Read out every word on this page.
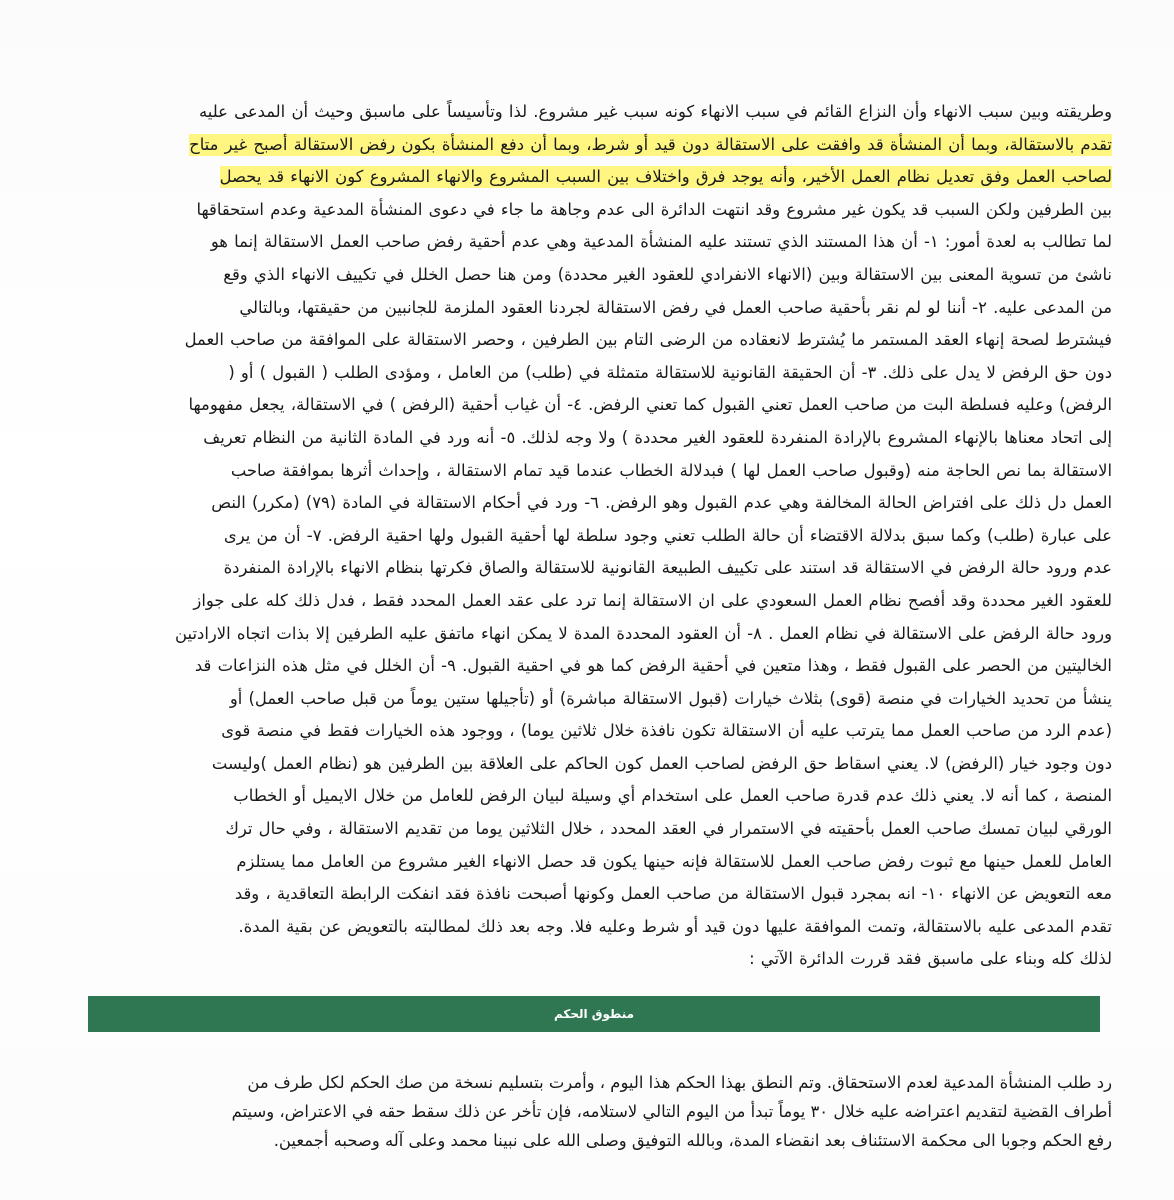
وطريقته وبين سبب الانهاء وأن النزاع القائم في سبب الانهاء كونه سبب غير مشروع. لذا وتأسيساً على ماسبق وحيث أن المدعى عليه
تقدم بالاستقالة، وبما أن المنشأة قد وافقت على الاستقالة دون قيد أو شرط، وبما أن دفع المنشأة بكون رفض الاستقالة أصبح غير متاح
لصاحب العمل وفق تعديل نظام العمل الأخير، وأنه يوجد فرق واختلاف بين السبب المشروع والانهاء المشروع كون الانهاء قد يحصل
بين الطرفين ولكن السبب قد يكون غير مشروع وقد انتهت الدائرة الى عدم وجاهة ما جاء في دعوى المنشأة المدعية وعدم استحقاقها
لما تطالب به لعدة أمور: ١- أن هذا المستند الذي تستند عليه المنشأة المدعية وهي عدم أحقية رفض صاحب العمل الاستقالة إنما هو
ناشئ من تسوية المعنى بين الاستقالة وبين (الانهاء الانفرادي للعقود الغير محددة) ومن هنا حصل الخلل في تكييف الانهاء الذي وقع
من المدعى عليه. ٢- أننا لو لم نقر بأحقية صاحب العمل في رفض الاستقالة لجردنا العقود الملزمة للجانبين من حقيقتها، وبالتالي
فيشترط لصحة إنهاء العقد المستمر ما يُشترط لانعقاده من الرضى التام بين الطرفين ، وحصر الاستقالة على الموافقة من صاحب العمل
دون حق الرفض لا يدل على ذلك. ٣- أن الحقيقة القانونية للاستقالة متمثلة في (طلب) من العامل ، ومؤدى الطلب ( القبول ) أو (
الرفض) وعليه فسلطة البت من صاحب العمل تعني القبول كما تعني الرفض. ٤- أن غياب أحقية (الرفض ) في الاستقالة، يجعل مفهومها
إلى اتحاد معناها بالإنهاء المشروع بالإرادة المنفردة للعقود الغير محددة ) ولا وجه لذلك. ٥- أنه ورد في المادة الثانية من النظام تعريف
الاستقالة بما نص الحاجة منه (وقبول صاحب العمل لها ) فبدلالة الخطاب عندما قيد تمام الاستقالة ، وإحداث أثرها بموافقة صاحب
العمل دل ذلك على افتراض الحالة المخالفة وهي عدم القبول وهو الرفض. ٦- ورد في أحكام الاستقالة في المادة (٧٩) (مكرر) النص
على عبارة (طلب) وكما سبق بدلالة الاقتضاء أن حالة الطلب تعني وجود سلطة لها أحقية القبول ولها احقية الرفض. ٧- أن من يرى
عدم ورود حالة الرفض في الاستقالة قد استند على تكييف الطبيعة القانونية للاستقالة والصاق فكرتها بنظام الانهاء بالإرادة المنفردة
للعقود الغير محددة وقد أفصح نظام العمل السعودي على ان الاستقالة إنما ترد على عقد العمل المحدد فقط ، فدل ذلك كله على جواز
ورود حالة الرفض على الاستقالة في نظام العمل . ٨- أن العقود المحددة المدة لا يمكن انهاء ماتفق عليه الطرفين إلا بذات اتجاه الارادتين
الخاليتين من الحصر على القبول فقط ، وهذا متعين في أحقية الرفض كما هو في احقية القبول. ٩- أن الخلل في مثل هذه النزاعات قد
ينشأ من تحديد الخيارات في منصة (قوى) بثلاث خيارات (قبول الاستقالة مباشرة) أو (تأجيلها ستين يوماً من قبل صاحب العمل) أو
(عدم الرد من صاحب العمل مما يترتب عليه أن الاستقالة تكون نافذة خلال ثلاثين يوما) ، ووجود هذه الخيارات فقط في منصة قوى
دون وجود خيار (الرفض) لا. يعني اسقاط حق الرفض لصاحب العمل كون الحاكم على العلاقة بين الطرفين هو (نظام العمل )وليست
المنصة ، كما أنه لا. يعني ذلك عدم قدرة صاحب العمل على استخدام أي وسيلة لبيان الرفض للعامل من خلال الايميل أو الخطاب
الورقي لبيان تمسك صاحب العمل بأحقيته في الاستمرار في العقد المحدد ، خلال الثلاثين يوما من تقديم الاستقالة ، وفي حال ترك
العامل للعمل حينها مع ثبوت رفض صاحب العمل للاستقالة فإنه حينها يكون قد حصل الانهاء الغير مشروع من العامل مما يستلزم
معه التعويض عن الانهاء ١٠- انه بمجرد قبول الاستقالة من صاحب العمل وكونها أصبحت نافذة فقد انفكت الرابطة التعاقدية ، وقد
تقدم المدعى عليه بالاستقالة، وتمت الموافقة عليها دون قيد أو شرط وعليه فلا. وجه بعد ذلك لمطالبته بالتعويض عن بقية المدة.
لذلك كله وبناء على ماسبق فقد قررت الدائرة الآتي :
منطوق الحكم
رد طلب المنشأة المدعية لعدم الاستحقاق. وتم النطق بهذا الحكم هذا اليوم ، وأمرت بتسليم نسخة من صك الحكم لكل طرف من
أطراف القضية لتقديم اعتراضه عليه خلال ٣٠ يوماً تبدأ من اليوم التالي لاستلامه، فإن تأخر عن ذلك سقط حقه في الاعتراض، وسيتم
رفع الحكم وجوبا الى محكمة الاستئناف بعد انقضاء المدة، وبالله التوفيق وصلى الله على نبينا محمد وعلى آله وصحبه أجمعين.
